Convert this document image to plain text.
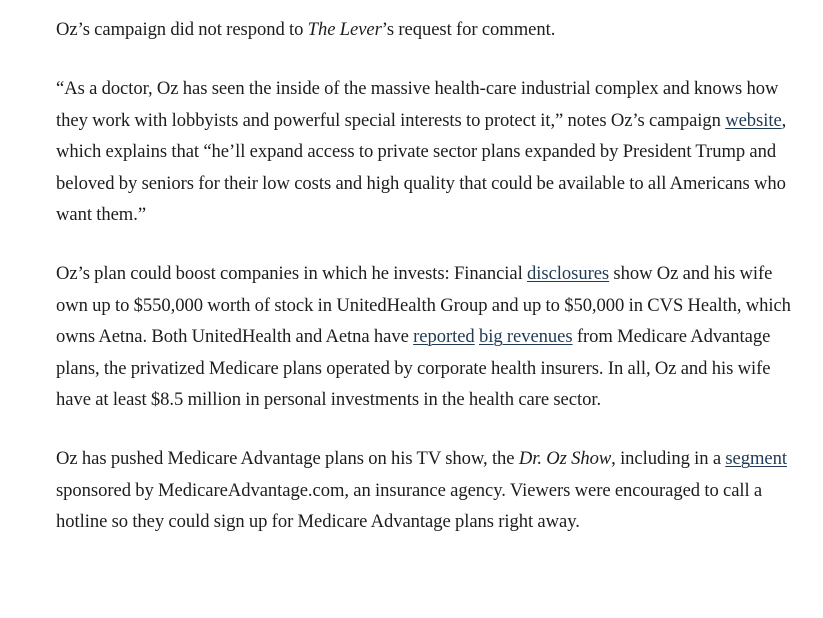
Oz’s campaign did not respond to The Lever’s request for comment.

“As a doctor, Oz has seen the inside of the massive health-care industrial complex and knows how they work with lobbyists and powerful special interests to protect it,” notes Oz’s campaign website, which explains that “he’ll expand access to private sector plans expanded by President Trump and beloved by seniors for their low costs and high quality that could be available to all Americans who want them.”

Oz’s plan could boost companies in which he invests: Financial disclosures show Oz and his wife own up to $550,000 worth of stock in UnitedHealth Group and up to $50,000 in CVS Health, which owns Aetna. Both UnitedHealth and Aetna have reported big revenues from Medicare Advantage plans, the privatized Medicare plans operated by corporate health insurers. In all, Oz and his wife have at least $8.5 million in personal investments in the health care sector.

Oz has pushed Medicare Advantage plans on his TV show, the Dr. Oz Show, including in a segment sponsored by MedicareAdvantage.com, an insurance agency. Viewers were encouraged to call a hotline so they could sign up for Medicare Advantage plans right away.
